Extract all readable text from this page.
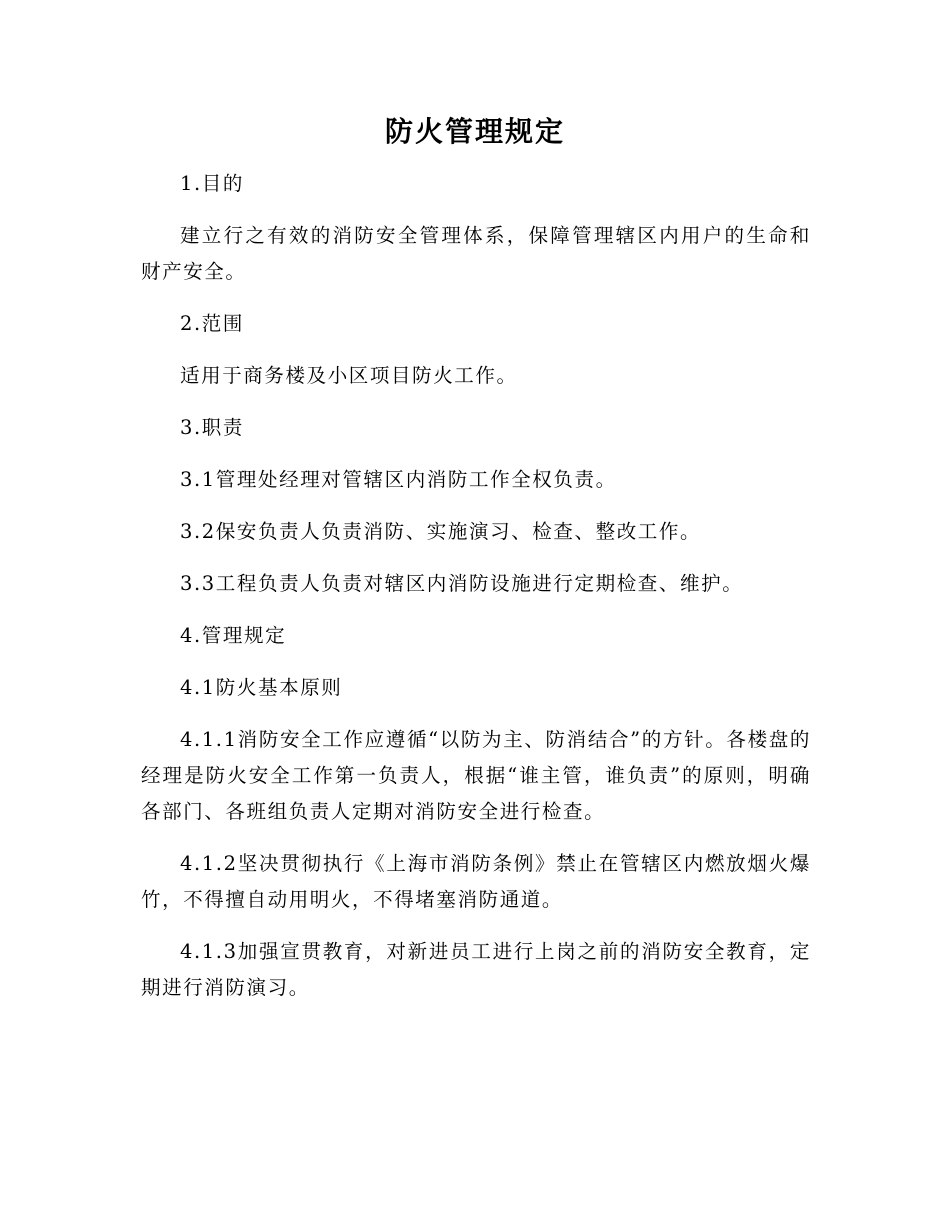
防火管理规定

1.目的

建立行之有效的消防安全管理体系，保障管理辖区内用户的生命和财产安全。

2.范围

适用于商务楼及小区项目防火工作。

3.职责

3.1管理处经理对管辖区内消防工作全权负责。

3.2保安负责人负责消防、实施演习、检查、整改工作。

3.3工程负责人负责对辖区内消防设施进行定期检查、维护。

4.管理规定

4.1防火基本原则

4.1.1消防安全工作应遵循“以防为主、防消结合”的方针。各楼盘的经理是防火安全工作第一负责人，根据“谁主管，谁负责”的原则，明确各部门、各班组负责人定期对消防安全进行检查。

4.1.2坚决贯彻执行《上海市消防条例》禁止在管辖区内燃放烟火爆竹，不得擅自动用明火，不得堵塞消防通道。

4.1.3加强宣贯教育，对新进员工进行上岗之前的消防安全教育，定期进行消防演习。
